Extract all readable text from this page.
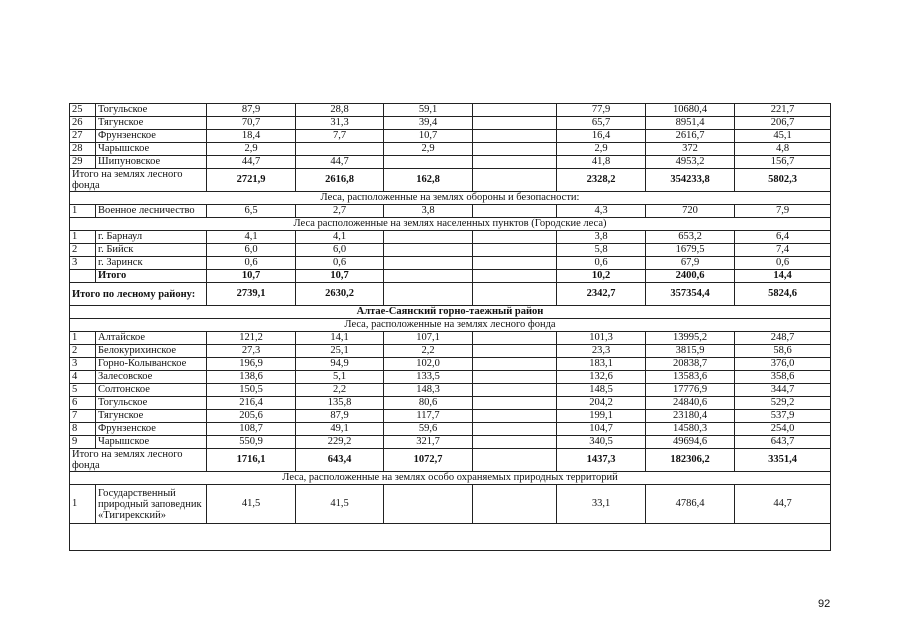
25	Тогульское	87,9	28,8	59,1		77,9	10680,4	221,7
26	Тягунское	70,7	31,3	39,4		65,7	8951,4	206,7
27	Фрунзенское	18,4	7,7	10,7		16,4	2616,7	45,1
28	Чарышское	2,9		2,9		2,9	372	4,8
29	Шипуновское	44,7	44,7			41,8	4953,2	156,7
Итого на землях лесного фонда		2721,9	2616,8	162,8		2328,2	354233,8	5802,3
Леса, расположенные на землях обороны и безопасности:								
1	Военное лесничество	6,5	2,7	3,8		4,3	720	7,9
Леса расположенные на землях населенных пунктов (Городские леса)								
1	г. Барнаул	4,1	4,1			3,8	653,2	6,4
2	г. Бийск	6,0	6,0			5,8	1679,5	7,4
3	г. Заринск	0,6	0,6			0,6	67,9	0,6
	Итого	10,7	10,7			10,2	2400,6	14,4
Итого по лесному району:		2739,1	2630,2			2342,7	357354,4	5824,6
Алтае-Саянский горно-таежный район								
Леса, расположенные на землях лесного фонда								
1	Алтайское	121,2	14,1	107,1		101,3	13995,2	248,7
2	Белокурихинское	27,3	25,1	2,2		23,3	3815,9	58,6
3	Горно-Колыванское	196,9	94,9	102,0		183,1	20838,7	376,0
4	Залесовское	138,6	5,1	133,5		132,6	13583,6	358,6
5	Солтонское	150,5	2,2	148,3		148,5	17776,9	344,7
6	Тогульское	216,4	135,8	80,6		204,2	24840,6	529,2
7	Тягунское	205,6	87,9	117,7		199,1	23180,4	537,9
8	Фрунзенское	108,7	49,1	59,6		104,7	14580,3	254,0
9	Чарышское	550,9	229,2	321,7		340,5	49694,6	643,7
Итого на землях лесного фонда		1716,1	643,4	1072,7		1437,3	182306,2	3351,4
Леса, расположенные на землях особо охраняемых природных территорий								
1	Государственный природный заповедник «Тигирекский»	41,5	41,5			33,1	4786,4	44,7

92
